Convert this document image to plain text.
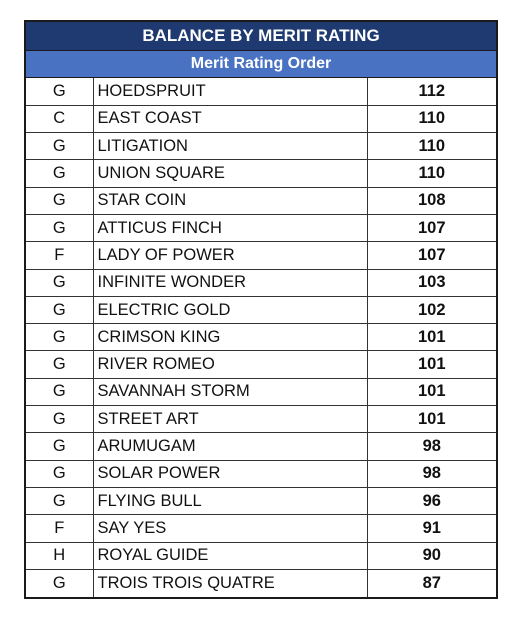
BALANCE BY MERIT RATING
Merit Rating Order
G	HOEDSPRUIT	112
C	EAST COAST	110
G	LITIGATION	110
G	UNION SQUARE	110
G	STAR COIN	108
G	ATTICUS FINCH	107
F	LADY OF POWER	107
G	INFINITE WONDER	103
G	ELECTRIC GOLD	102
G	CRIMSON KING	101
G	RIVER ROMEO	101
G	SAVANNAH STORM	101
G	STREET ART	101
G	ARUMUGAM	98
G	SOLAR POWER	98
G	FLYING BULL	96
F	SAY YES	91
H	ROYAL GUIDE	90
G	TROIS TROIS QUATRE	87
